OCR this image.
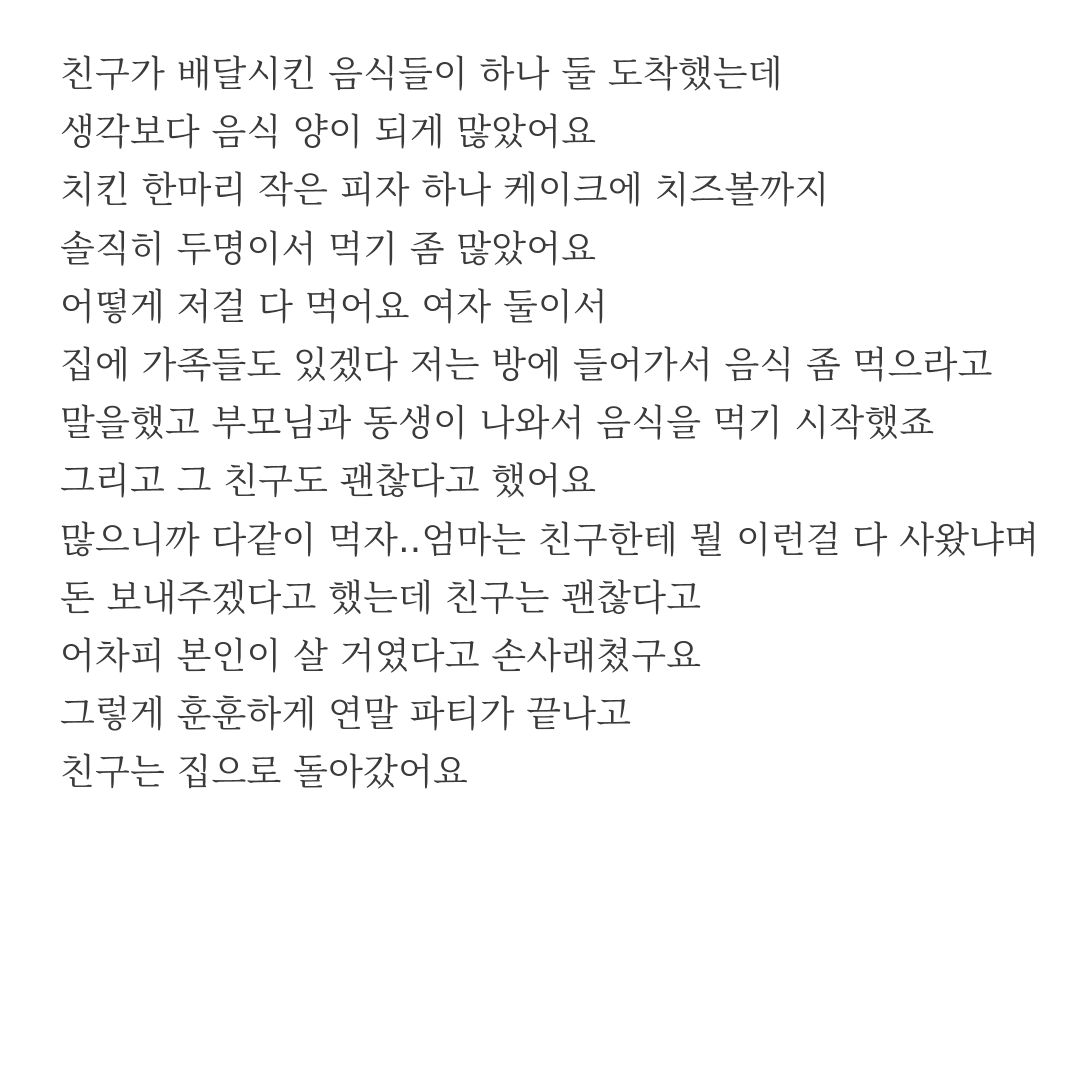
친구가 배달시킨 음식들이 하나 둘 도착했는데
생각보다 음식 양이 되게 많았어요
치킨 한마리 작은 피자 하나 케이크에 치즈볼까지
솔직히 두명이서 먹기 좀 많았어요
어떻게 저걸 다 먹어요 여자 둘이서
집에 가족들도 있겠다 저는 방에 들어가서 음식 좀 먹으라고
말을했고 부모님과 동생이 나와서 음식을 먹기 시작했죠
그리고 그 친구도 괜찮다고 했어요
많으니까 다같이 먹자..엄마는 친구한테 뭘 이런걸 다 사왔냐며
돈 보내주겠다고 했는데 친구는 괜찮다고
어차피 본인이 살 거였다고 손사래쳤구요
그렇게 훈훈하게 연말 파티가 끝나고
친구는 집으로 돌아갔어요
